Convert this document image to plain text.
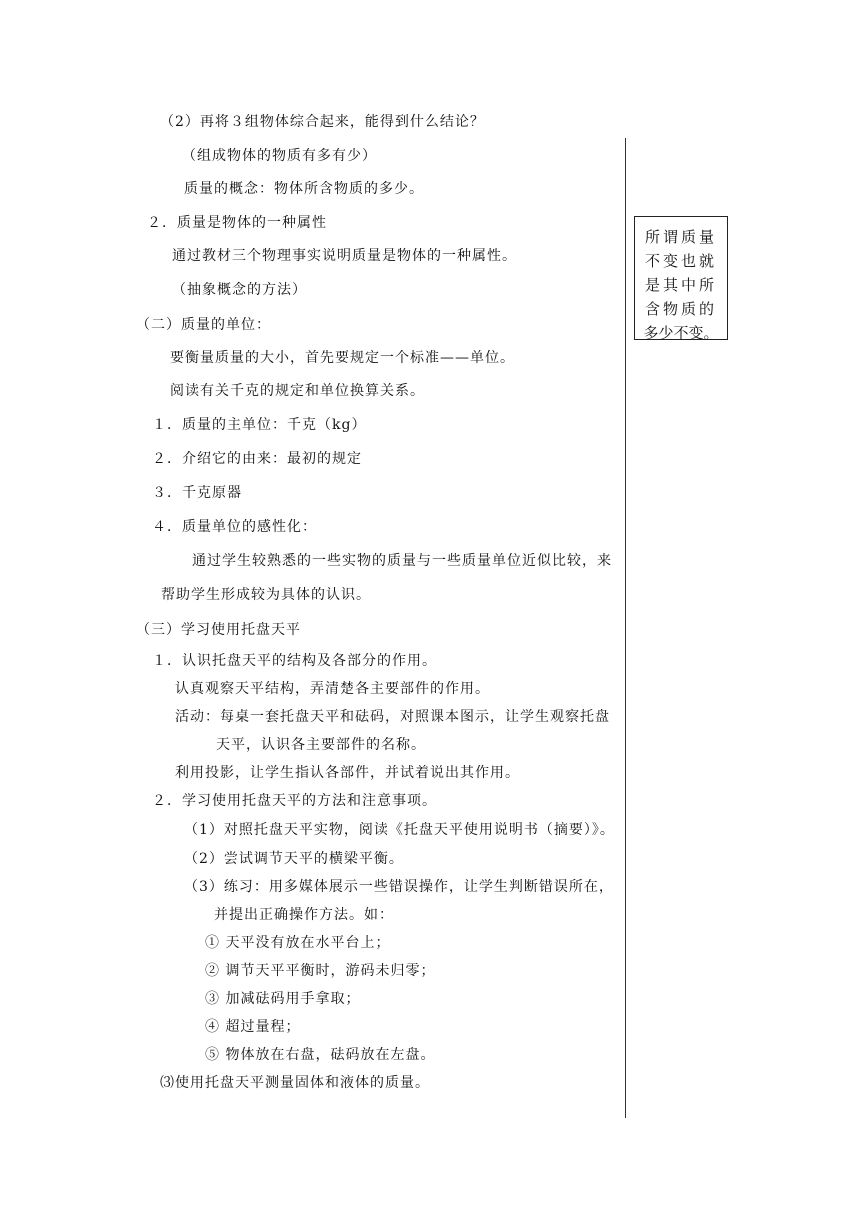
（2）再将３组物体综合起来，能得到什么结论？
（组成物体的物质有多有少）
质量的概念：物体所含物质的多少。
２．质量是物体的一种属性
通过教材三个物理事实说明质量是物体的一种属性。
（抽象概念的方法）
（二）质量的单位：
要衡量质量的大小，首先要规定一个标准——单位。
阅读有关千克的规定和单位换算关系。
１．质量的主单位：千克（kg）
２．介绍它的由来：最初的规定
３．千克原器
４．质量单位的感性化：
通过学生较熟悉的一些实物的质量与一些质量单位近似比较，来
帮助学生形成较为具体的认识。
（三）学习使用托盘天平
１．认识托盘天平的结构及各部分的作用。
认真观察天平结构，弄清楚各主要部件的作用。
活动：每桌一套托盘天平和砝码，对照课本图示，让学生观察托盘
天平，认识各主要部件的名称。
利用投影，让学生指认各部件，并试着说出其作用。
２．学习使用托盘天平的方法和注意事项。
（1）对照托盘天平实物，阅读《托盘天平使用说明书（摘要）》。
（2）尝试调节天平的横梁平衡。
（3）练习：用多媒体展示一些错误操作，让学生判断错误所在，
并提出正确操作方法。如：
① 天平没有放在水平台上；
② 调节天平平衡时，游码未归零；
③ 加减砝码用手拿取；
④ 超过量程；
⑤ 物体放在右盘，砝码放在左盘。
⑶使用托盘天平测量固体和液体的质量。
所谓质量
不变也就
是其中所
含物质的
多少不变。
